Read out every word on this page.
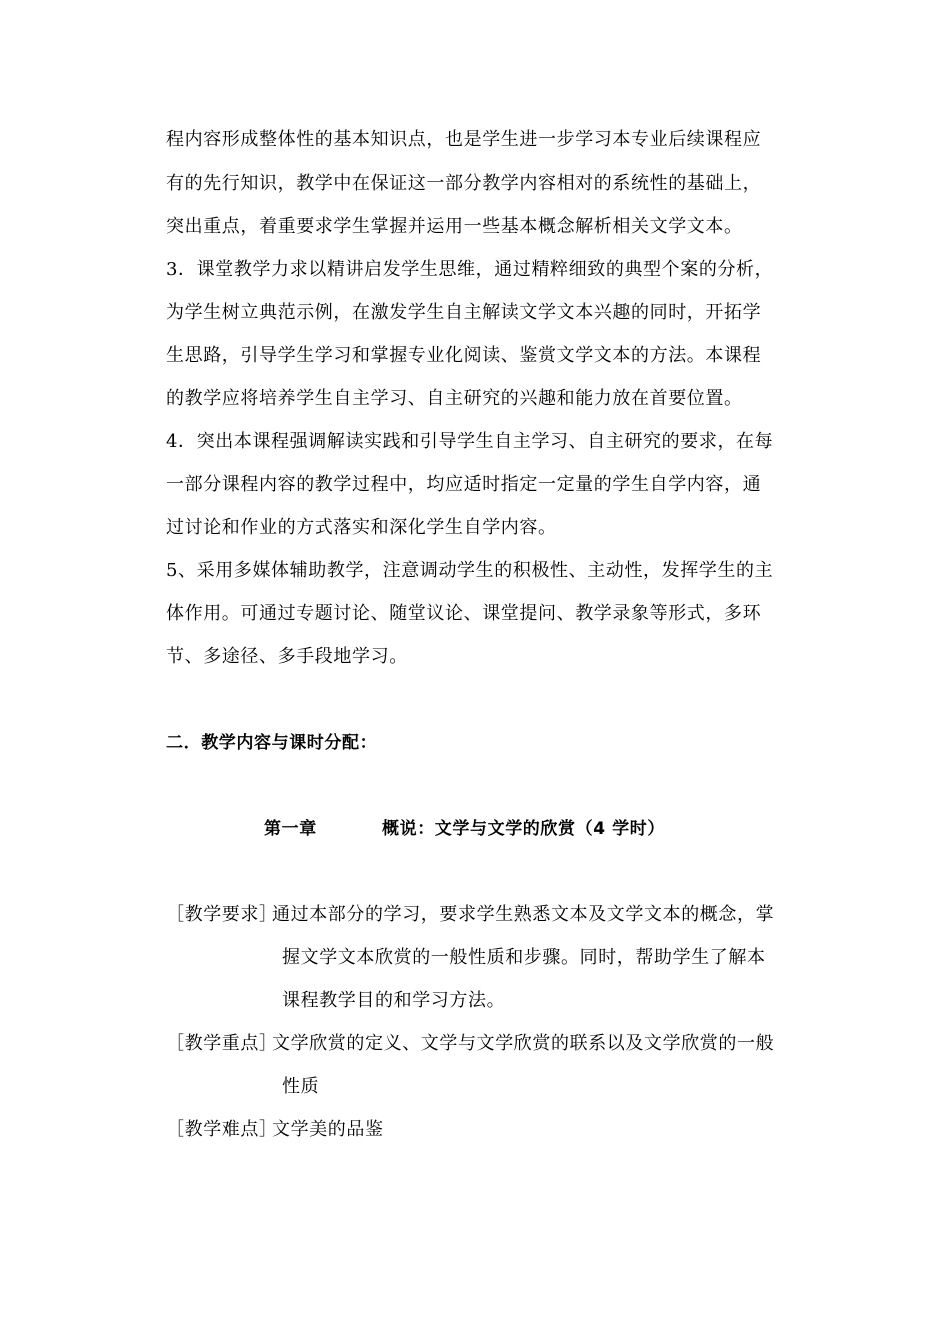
程内容形成整体性的基本知识点，也是学生进一步学习本专业后续课程应
有的先行知识，教学中在保证这一部分教学内容相对的系统性的基础上，
突出重点，着重要求学生掌握并运用一些基本概念解析相关文学文本。
3．课堂教学力求以精讲启发学生思维，通过精粹细致的典型个案的分析，
为学生树立典范示例，在激发学生自主解读文学文本兴趣的同时，开拓学
生思路，引导学生学习和掌握专业化阅读、鉴赏文学文本的方法。本课程
的教学应将培养学生自主学习、自主研究的兴趣和能力放在首要位置。
4．突出本课程强调解读实践和引导学生自主学习、自主研究的要求，在每
一部分课程内容的教学过程中，均应适时指定一定量的学生自学内容，通
过讨论和作业的方式落实和深化学生自学内容。
5、采用多媒体辅助教学，注意调动学生的积极性、主动性，发挥学生的主
体作用。可通过专题讨论、随堂议论、课堂提问、教学录象等形式，多环
节、多途径、多手段地学习。
二．教学内容与课时分配：
第一章	概说：文学与文学的欣赏（4 学时）
［教学要求］
通过本部分的学习，要求学生熟悉文本及文学文本的概念，掌
握文学文本欣赏的一般性质和步骤。同时，帮助学生了解本
课程教学目的和学习方法。
［教学重点］
文学欣赏的定义、文学与文学欣赏的联系以及文学欣赏的一般
性质
［教学难点］
文学美的品鉴
